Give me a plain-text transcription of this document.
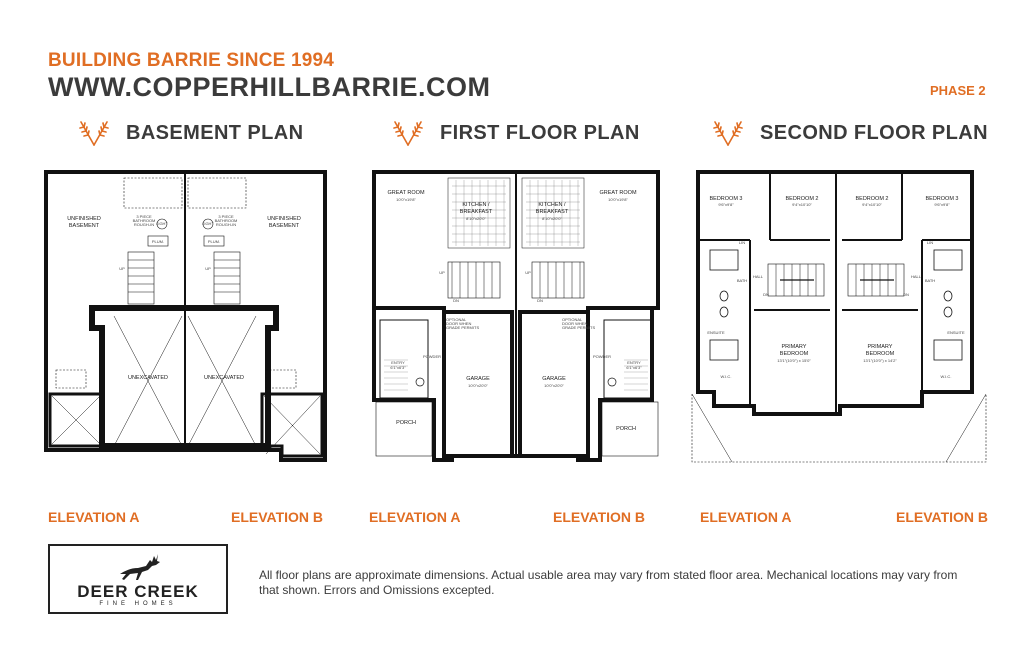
BUILDING BARRIE SINCE 1994
WWW.COPPERHILLBARRIE.COM	PHASE 2
BASEMENT PLAN	FIRST FLOOR PLAN	SECOND FLOOR PLAN
UNFINISHED
BASEMENT
UNFINISHED
BASEMENT
3 PIECE
BATHROOM
ROUGH-IN
3 PIECE
BATHROOM
ROUGH-IN
LIGHT	LIGHT
PLUM.	PLUM.
UP	UP
UNEXCAVATED	UNEXCAVATED
GREAT ROOM
10'0"x19'8"
GREAT ROOM
10'0"x19'8"
KITCHEN /
BREAKFAST
8'10"x20'0"
KITCHEN /
BREAKFAST
8'10"x20'0"
UP	UP
DN	DN
OPTIONAL
DOOR WHEN
GRADE PERMITS
OPTIONAL
DOOR WHEN
GRADE PERMITS
GARAGE
10'0"x20'0"
GARAGE
10'0"x20'0"
ENTRY
6'1"x6'3"
ENTRY
6'1"x6'3"
POWDER	POWDER
PORCH
PORCH
BEDROOM 3
9'6"x9'8"
BEDROOM 2
9'4"x10'10"
BEDROOM 2
9'4"x10'10"
BEDROOM 3
9'6"x9'8"
HALL	HALL
DN	DN
BATH	BATH
ENSUITE	ENSUITE
W.I.C.	W.I.C.
LIN	LIN
PRIMARY
BEDROOM
13'1"(10'0") x 15'0"
PRIMARY
BEDROOM
13'1"(10'0") x 14'2"
ELEVATION A	ELEVATION B	ELEVATION A	ELEVATION B	ELEVATION A	ELEVATION B
DEER CREEK
FINE HOMES
All floor plans are approximate dimensions. Actual usable area may vary from stated floor area. Mechanical locations may vary from that shown. Errors and Omissions excepted.
